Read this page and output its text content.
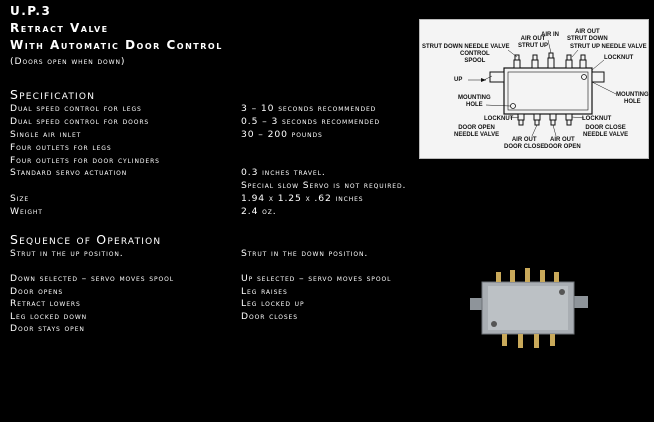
U.P.3
Retract Valve
With Automatic Door Control
(Doors open when down)
Specification
Dual speed control for legs	3 – 10 seconds recommended
Dual speed control for doors	0.5 – 3 seconds recommended
Single air inlet	30 – 200 pounds
Four outlets for legs
Four outlets for door cylinders
Standard servo actuation	0.3 inches travel.
Special slow Servo is not required.
Size	1.94 x 1.25 x .62 inches
Weight	2.4 oz.
Sequence of Operation
Strut in the up position.
Down selected – servo moves spool
Door opens
Retract lowers
Leg locked down
Door stays open
Strut in the down position.
Up selected – servo moves spool
Leg raises
Leg locked up
Door closes
AIR OUT
STRUT UP
AIR IN	AIR OUT
STRUT DOWN
STRUT DOWN NEEDLE VALVE	STRUT UP NEEDLE VALVE
CONTROL
SPOOL	LOCKNUT
UP
MOUNTING
HOLE
MOUNTING
HOLE
LOCKNUT	LOCKNUT
DOOR OPEN
NEEDLE VALVE
DOOR CLOSE
NEEDLE VALVE
AIR OUT
DOOR CLOSE
AIR OUT
DOOR OPEN
